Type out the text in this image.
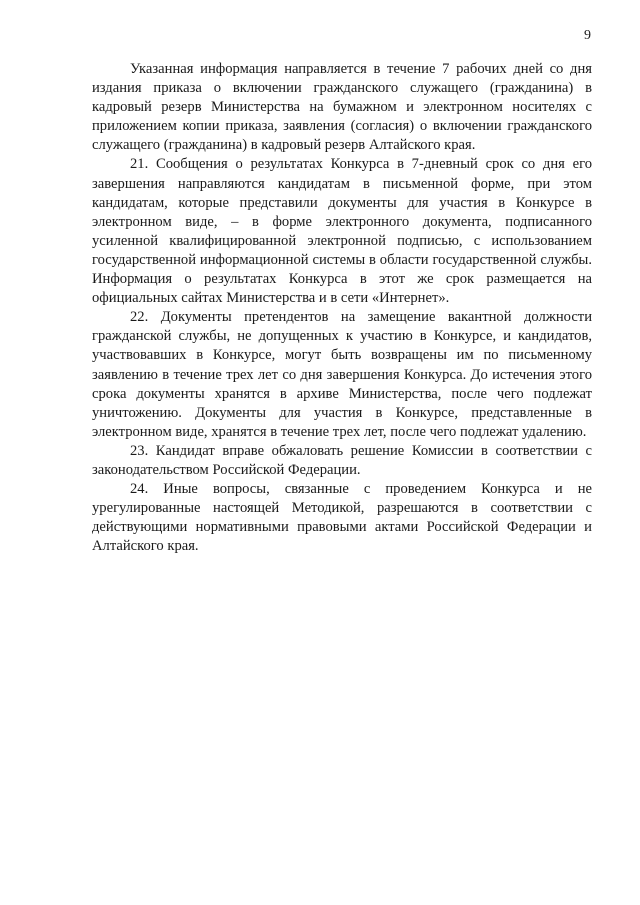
9

Указанная информация направляется в течение 7 рабочих дней со дня издания приказа о включении гражданского служащего (гражданина) в кадровый резерв Министерства на бумажном и электронном носителях с приложением копии приказа, заявления (согласия) о включении гражданского служащего (гражданина) в кадровый резерв Алтайского края.

21. Сообщения о результатах Конкурса в 7-дневный срок со дня его завершения направляются кандидатам в письменной форме, при этом кандидатам, которые представили документы для участия в Конкурсе в электронном виде, – в форме электронного документа, подписанного усиленной квалифицированной электронной подписью, с использованием государственной информационной системы в области государственной службы. Информация о результатах Конкурса в этот же срок размещается на официальных сайтах Министерства и в сети «Интернет».

22. Документы претендентов на замещение вакантной должности гражданской службы, не допущенных к участию в Конкурсе, и кандидатов, участвовавших в Конкурсе, могут быть возвращены им по письменному заявлению в течение трех лет со дня завершения Конкурса. До истечения этого срока документы хранятся в архиве Министерства, после чего подлежат уничтожению. Документы для участия в Конкурсе, представленные в электронном виде, хранятся в течение трех лет, после чего подлежат удалению.

23. Кандидат вправе обжаловать решение Комиссии в соответствии с законодательством Российской Федерации.

24. Иные вопросы, связанные с проведением Конкурса и не урегулированные настоящей Методикой, разрешаются в соответствии с действующими нормативными правовыми актами Российской Федерации и Алтайского края.
